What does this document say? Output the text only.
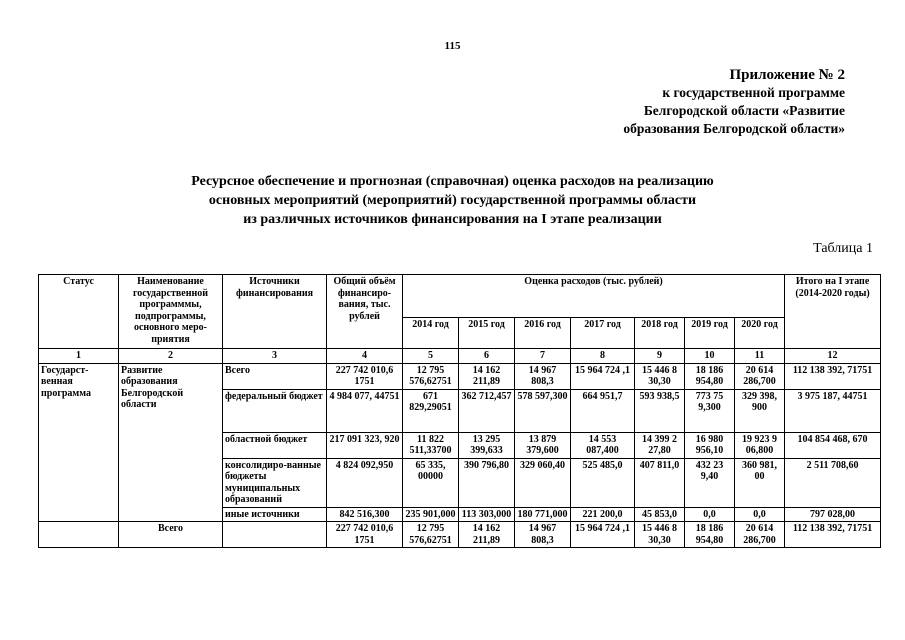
115
Приложение № 2
к государственной программе
Белгородской области «Развитие
образования Белгородской области»
Ресурсное обеспечение и прогнозная (справочная) оценка расходов на реализацию
основных мероприятий (мероприятий) государственной программы области
из различных источников финансирования на I этапе реализации
Таблица 1
Статус	Наименование государственной программмы, подпрограммы, основного меро-приятия	Источники финансирования	Общий объём финансиро-вания, тыс. рублей	Оценка расходов (тыс. рублей)							Итого на I этапе (2014-2020 годы)
				2014 год	2015 год	2016 год	2017 год	2018 год	2019 год	2020 год	
1	2	3	4	5	6	7	8	9	10	11	12
Государст-венная программа	Развитие образования Белгородской области	Всего	227 742 010,6 1751	12 795 576,62751	14 162 211,89	14 967 808,3	15 964 724 ,1	15 446 8 30,30	18 186 954,80	20 614 286,700	112 138 392, 71751
		федеральный бюджет	4 984 077, 44751	671 829,29051	362 712,457	578 597,300	664 951,7	593 938,5	773 75 9,300	329 398, 900	3 975 187, 44751
		областной бюджет	217 091 323, 920	11 822 511,33700	13 295 399,633	13 879 379,600	14 553 087,400	14 399 2 27,80	16 980 956,10	19 923 9 06,800	104 854 468, 670
		консолидиро-ванные бюджеты муниципальных образований	4 824 092,950	65 335, 00000	390 796,80	329 060,40	525 485,0	407 811,0	432 23 9,40	360 981, 00	2 511 708,60
		иные источники	842 516,300	235 901,000	113 303,000	180 771,000	221 200,0	45 853,0	0,0	0,0	797 028,00
	Всего		227 742 010,6 1751	12 795 576,62751	14 162 211,89	14 967 808,3	15 964 724 ,1	15 446 8 30,30	18 186 954,80	20 614 286,700	112 138 392, 71751
